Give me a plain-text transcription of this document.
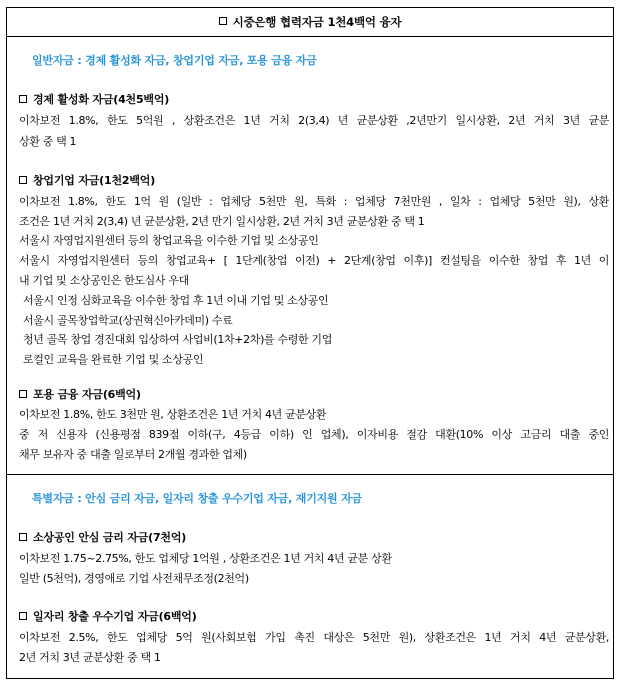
시중은행 협력자금 1천4백억 융자
일반자금 : 경제 활성화 자금, 창업기업 자금, 포용 금융 자금
경제 활성화 자금(4천5백억)
이차보전 1.8%, 한도 5억원 , 상환조건은 1년 거치 2(3,4) 년 균분상환 ,2년만기 일시상환, 2년 거치 3년 균분
상환 중 택 1
창업기업 자금(1천2백억)
이차보전 1.8%, 한도 1억 원 (일반 : 업체당 5천만 원, 특화 : 업체당 7천만원 , 일차 : 업체당 5천만 원), 상환
조건은 1년 거치 2(3,4) 년 균분상환, 2년 만기 일시상환, 2년 거치 3년 균분상환 중 택 1
서울시 자영업지원센터 등의 창업교육을 이수한 기업 및 소상공인
서울시 자영업지원센터 등의 창업교육+ [ 1단계(창업 이전) + 2단계(창업 이후)] 컨설팅을 이수한 창업 후 1년 이
내 기업 및 소상공인은 한도심사 우대
서울시 인정 심화교육을 이수한 창업 후 1년 이내 기업 및 소상공인
서울시 골목창업학교(상권혁신아카데미) 수료
청년 골목 창업 경진대회 입상하여 사업비(1차+2차)를 수령한 기업
로컬인 교육을 완료한 기업 및 소상공인
포용 금융 자금(6백억)
이차보전 1.8%, 한도 3천만 원, 상환조건은 1년 거치 4년 균분상환
중 저 신용자 (신용평점 839점 이하(구, 4등급 이하) 인 업체), 이자비용 절감 대환(10% 이상 고금리 대출 중인
채무 보유자 중 대출 일로부터 2개월 경과한 업체)
특별자금 : 안심 금리 자금, 일자리 창출 우수기업 자금, 재기지원 자금
소상공인 안심 금리 자금(7천억)
이차보전 1.75~2.75%, 한도 업체당 1억원 , 상환조건은 1년 거치 4년 균분 상환
일반 (5천억), 경영애로 기업 사전채무조정(2천억)
일자리 창출 우수기업 자금(6백억)
이차보전 2.5%, 한도 업체당 5억 원(사회보험 가입 촉진 대상은 5천만 원), 상환조건은 1년 거치 4년 균분상환,
2년 거치 3년 균분상환 중 택 1
